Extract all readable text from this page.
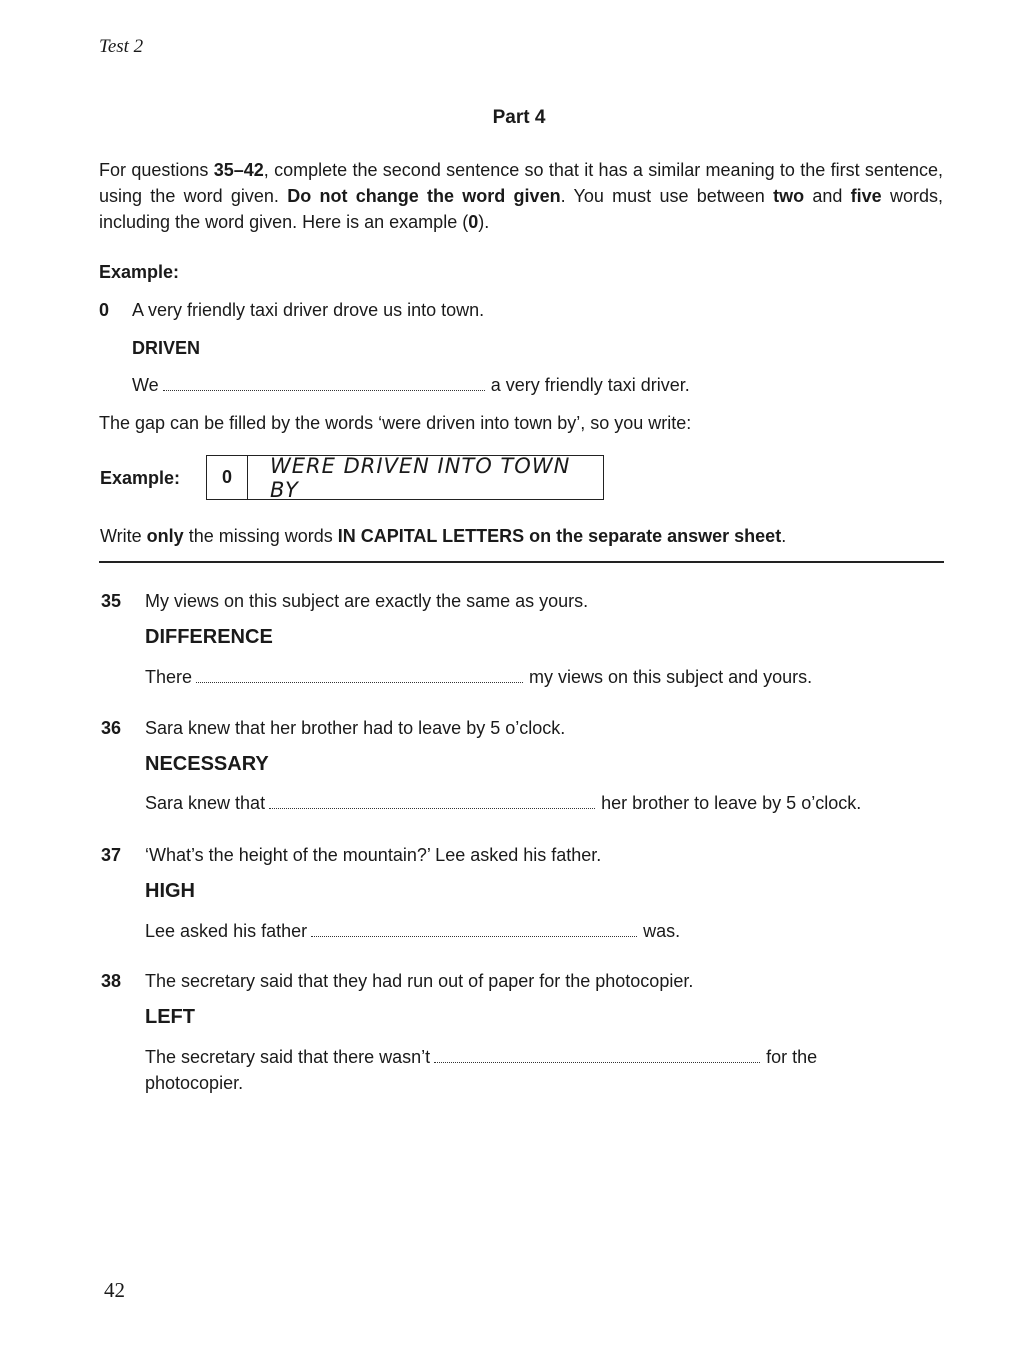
Test 2

Part 4

For questions 35–42, complete the second sentence so that it has a similar meaning to the first sentence, using the word given. Do not change the word given. You must use between two and five words, including the word given. Here is an example (0).

Example:

0 A very friendly taxi driver drove us into town.

DRIVEN

We	a very friendly taxi driver.

The gap can be filled by the words ‘were driven into town by’, so you write:

Example:	0	WERE DRIVEN INTO TOWN BY

Write only the missing words IN CAPITAL LETTERS on the separate answer sheet.

35 My views on this subject are exactly the same as yours.

DIFFERENCE

There	my views on this subject and yours.

36 Sara knew that her brother had to leave by 5 o’clock.

NECESSARY

Sara knew that	her brother to leave by 5 o’clock.

37 ‘What’s the height of the mountain?’ Lee asked his father.

HIGH

Lee asked his father	was.

38 The secretary said that they had run out of paper for the photocopier.

LEFT

The secretary said that there wasn’t	for the

photocopier.

42
